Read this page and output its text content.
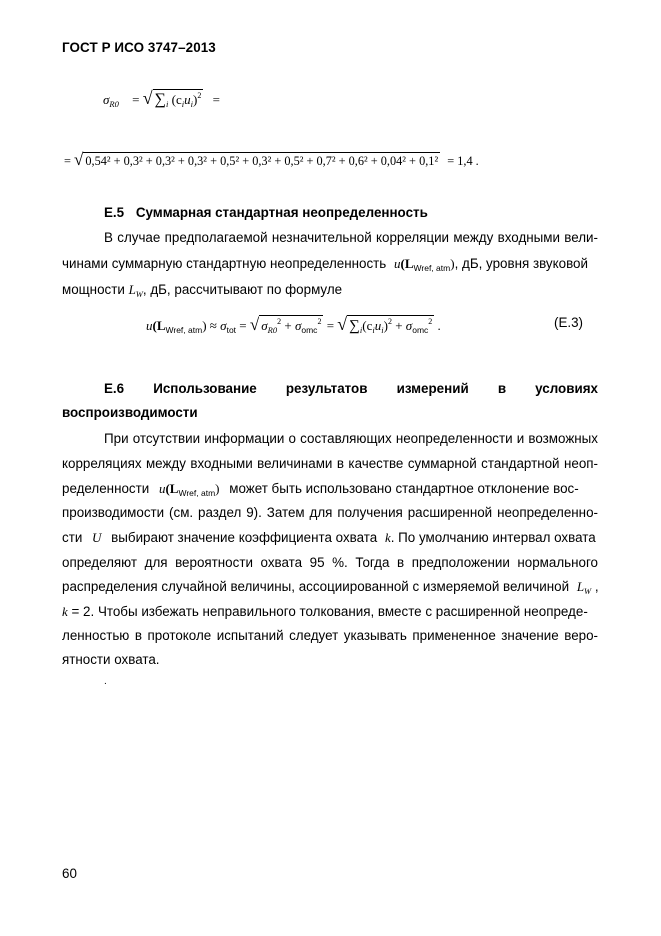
ГОСТ Р ИСО 3747–2013
$\sigma_{R0}$ = √ $\sum_i$ $(c_iu_i)^2$ =
= √ 0,54² + 0,3² + 0,3² + 0,3² + 0,5² + 0,3² + 0,5² + 0,7² + 0,6² + 0,04² + 0,1² = 1,4 .
Е.5 Суммарная стандартная неопределенность
В случае предполагаемой незначительной корреляции между входными вели-
чинами суммарную стандартную неопределенность $u(L_{Wref, atm})$, дБ, уровня звуковой
мощности $L_W$, дБ, рассчитывают по формуле
$u(L_{Wref, atm}) \approx \sigma_{tot}$ = √ $\sigma_{R0}^2 + \sigma_{omc}^2$ = √ $\sum_i(c_iu_i)^2 + \sigma_{omc}^2$ .	(Е.3)
Е.6 Использование результатов измерений в условиях
воспроизводимости
При отсутствии информации о составляющих неопределенности и возможных
корреляциях между входными величинами в качестве суммарной стандартной неоп-
ределенности $u(L_{Wref, atm})$ может быть использовано стандартное отклонение вос-
производимости (см. раздел 9). Затем для получения расширенной неопределенно-
сти U выбирают значение коэффициента охвата k. По умолчанию интервал охвата
определяют для вероятности охвата 95 %. Тогда в предположении нормального
распределения случайной величины, ассоциированной с измеряемой величиной $L_W$ ,
k = 2. Чтобы избежать неправильного толкования, вместе с расширенной неопреде-
ленностью в протоколе испытаний следует указывать примененное значение веро-
ятности охвата.
.
60
